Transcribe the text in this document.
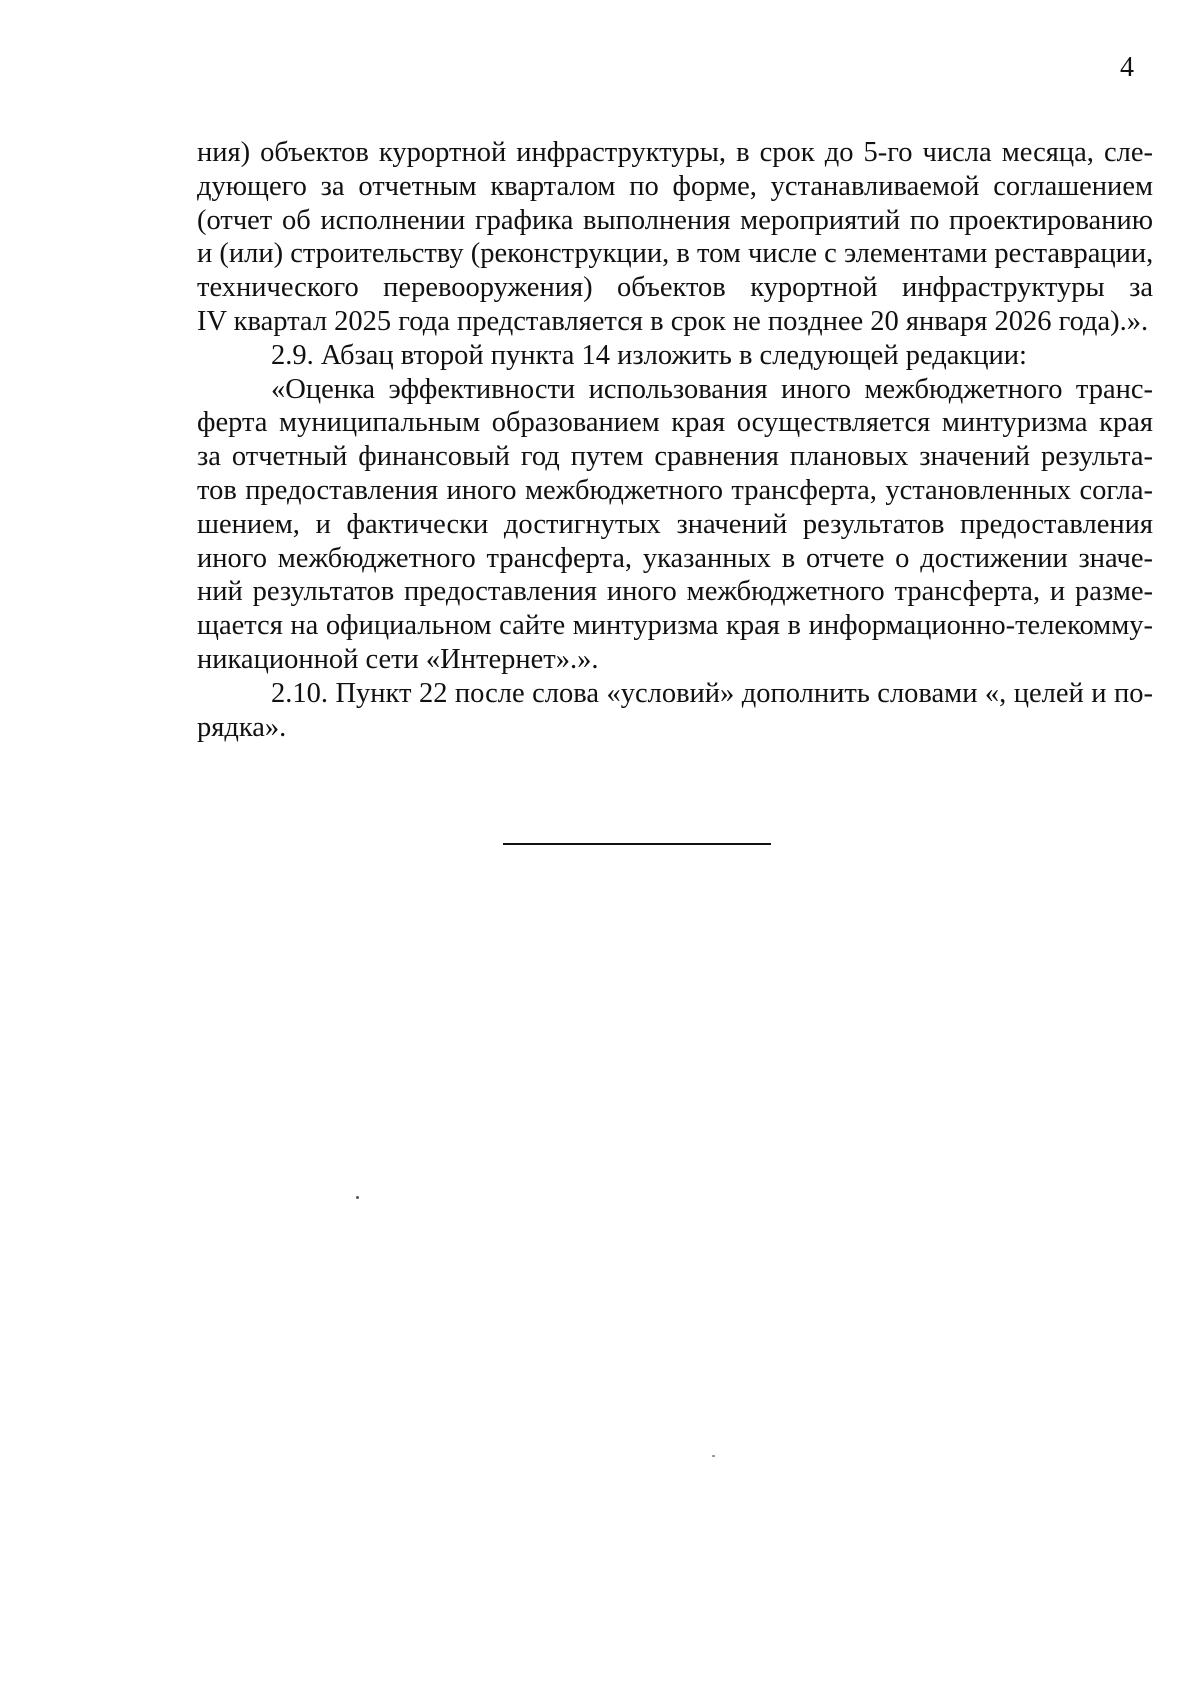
4
ния) объектов курортной инфраструктуры, в срок до 5-го числа месяца, сле-
дующего за отчетным кварталом по форме, устанавливаемой соглашением
(отчет об исполнении графика выполнения мероприятий по проектированию
и (или) строительству (реконструкции, в том числе с элементами реставрации,
технического перевооружения) объектов курортной инфраструктуры за
IV квартал 2025 года представляется в срок не позднее 20 января 2026 года).».
2.9. Абзац второй пункта 14 изложить в следующей редакции:
«Оценка эффективности использования иного межбюджетного транс-
ферта муниципальным образованием края осуществляется минтуризма края
за отчетный финансовый год путем сравнения плановых значений результа-
тов предоставления иного межбюджетного трансферта, установленных согла-
шением, и фактически достигнутых значений результатов предоставления
иного межбюджетного трансферта, указанных в отчете о достижении значе-
ний результатов предоставления иного межбюджетного трансферта, и разме-
щается на официальном сайте минтуризма края в информационно-телекомму-
никационной сети «Интернет».».
2.10. Пункт 22 после слова «условий» дополнить словами «, целей и по-
рядка».
